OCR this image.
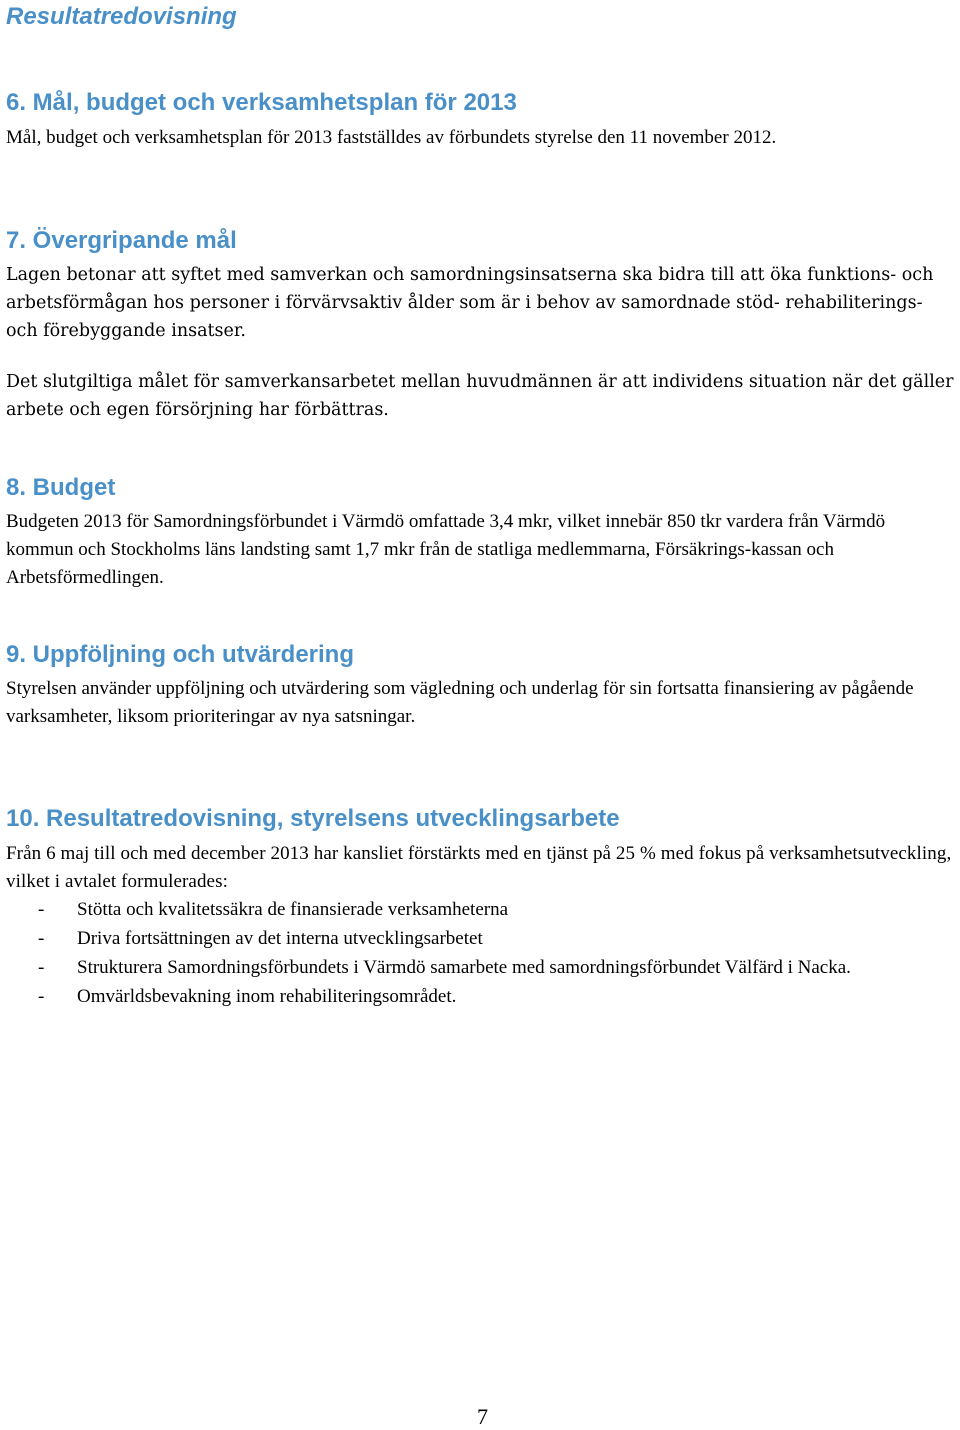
Resultatredovisning
6. Mål, budget och verksamhetsplan för 2013

Mål, budget och verksamhetsplan för 2013 fastställdes av förbundets styrelse den 11 november 2012.

7. Övergripande mål

Lagen betonar att syftet med samverkan och samordningsinsatserna ska bidra till att öka funktions- och arbetsförmågan hos personer i förvärvsaktiv ålder som är i behov av samordnade stöd- rehabiliterings- och förebyggande insatser.

Det slutgiltiga målet för samverkansarbetet mellan huvudmännen är att individens situation när det gäller arbete och egen försörjning har förbättras.

8. Budget

Budgeten 2013 för Samordningsförbundet i Värmdö omfattade 3,4 mkr, vilket innebär 850 tkr vardera från Värmdö kommun och Stockholms läns landsting samt 1,7 mkr från de statliga medlemmarna, Försäkrings-kassan och Arbetsförmedlingen.

9. Uppföljning och utvärdering

Styrelsen använder uppföljning och utvärdering som vägledning och underlag för sin fortsatta finansiering av pågående varksamheter, liksom prioriteringar av nya satsningar.

10. Resultatredovisning, styrelsens utvecklingsarbete

Från 6 maj till och med december 2013 har kansliet förstärkts med en tjänst på 25 % med fokus på verksamhetsutveckling, vilket i avtalet formulerades:

- Stötta och kvalitetssäkra de finansierade verksamheterna
- Driva fortsättningen av det interna utvecklingsarbetet
- Strukturera Samordningsförbundets i Värmdö samarbete med samordningsförbundet Välfärd i Nacka.
- Omvärldsbevakning inom rehabiliteringsområdet.
7
